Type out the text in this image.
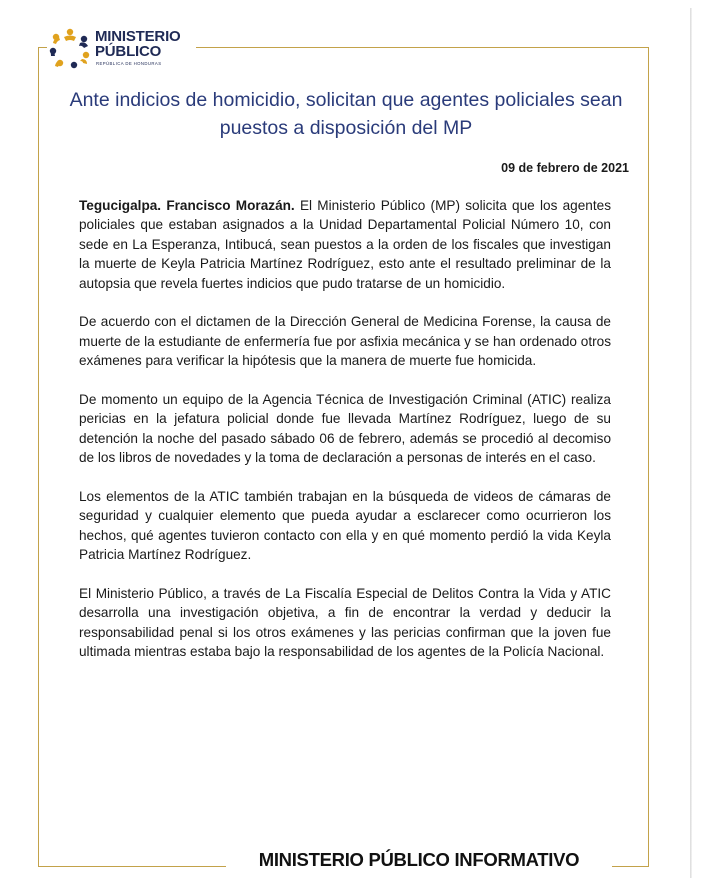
MINISTERIO
PÚBLICO
REPÚBLICA DE HONDURAS
Ante indicios de homicidio, solicitan que agentes policiales sean puestos a disposición del MP
09 de febrero de 2021

Tegucigalpa. Francisco Morazán. El Ministerio Público (MP) solicita que los agentes policiales que estaban asignados a la Unidad Departamental Policial Número 10, con sede en La Esperanza, Intibucá, sean puestos a la orden de los fiscales que investigan la muerte de Keyla Patricia Martínez Rodríguez, esto ante el resultado preliminar de la autopsia que revela fuertes indicios que pudo tratarse de un homicidio.

De acuerdo con el dictamen de la Dirección General de Medicina Forense, la causa de muerte de la estudiante de enfermería fue por asfixia mecánica y se han ordenado otros exámenes para verificar la hipótesis que la manera de muerte fue homicida.

De momento un equipo de la Agencia Técnica de Investigación Criminal (ATIC) realiza pericias en la jefatura policial donde fue llevada Martínez Rodríguez, luego de su detención la noche del pasado sábado 06 de febrero, además se procedió al decomiso de los libros de novedades y la toma de declaración a personas de interés en el caso.

Los elementos de la ATIC también trabajan en la búsqueda de videos de cámaras de seguridad y cualquier elemento que pueda ayudar a esclarecer como ocurrieron los hechos, qué agentes tuvieron contacto con ella y en qué momento perdió la vida Keyla Patricia Martínez Rodríguez.

El Ministerio Público, a través de La Fiscalía Especial de Delitos Contra la Vida y ATIC desarrolla una investigación objetiva, a fin de encontrar la verdad y deducir la responsabilidad penal si los otros exámenes y las pericias confirman que la joven fue ultimada mientras estaba bajo la responsabilidad de los agentes de la Policía Nacional.

MINISTERIO PÚBLICO INFORMATIVO
